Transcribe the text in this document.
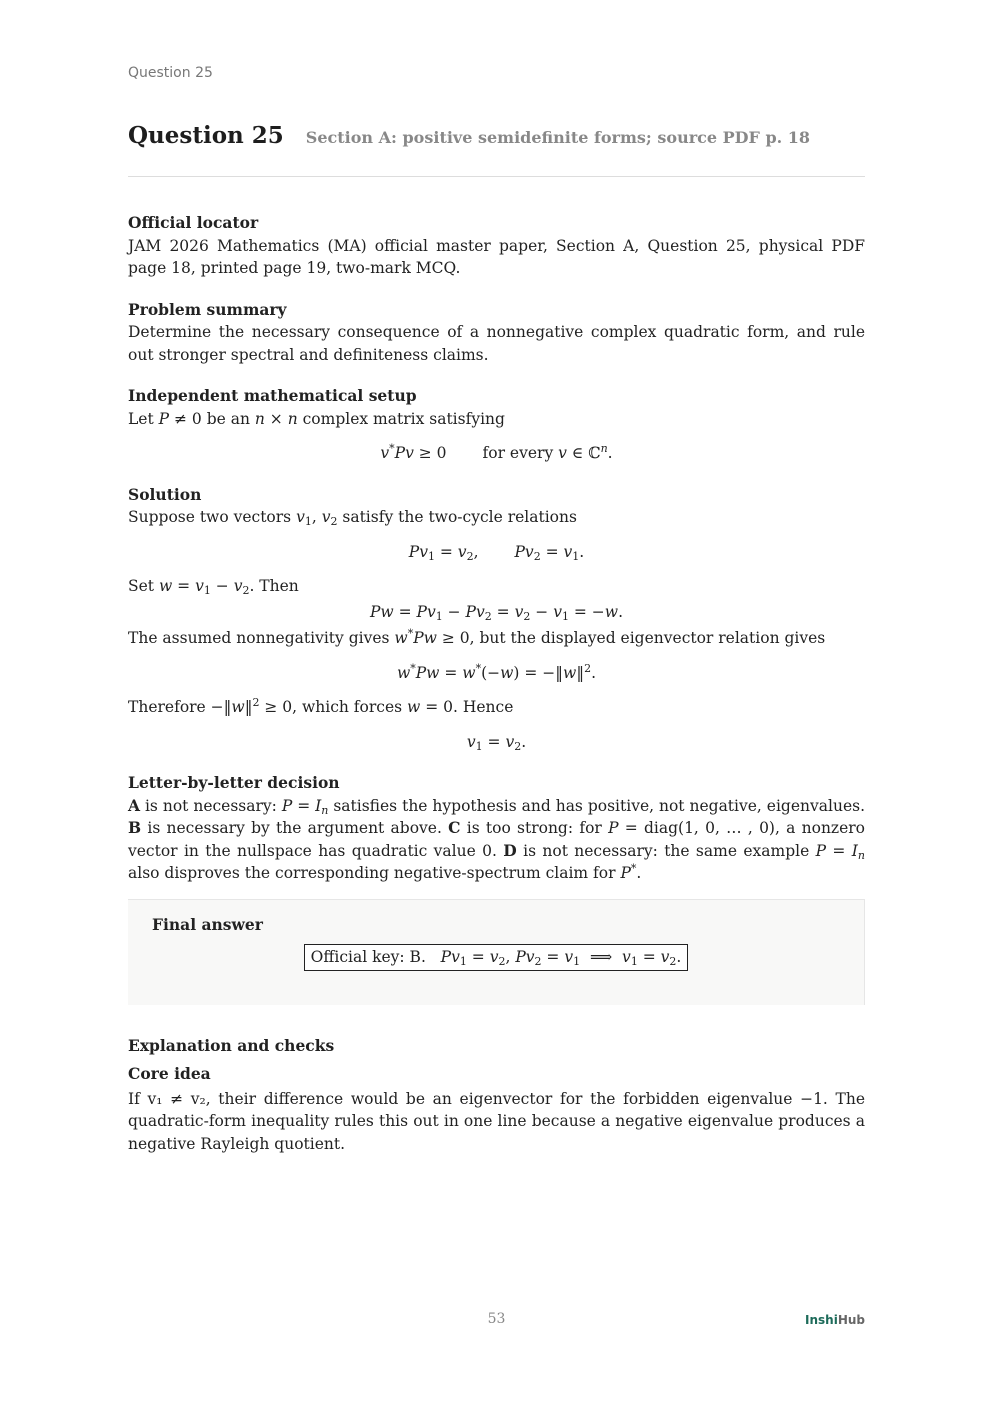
Question 25
Question 25 Section A: positive semidefinite forms; source PDF p. 18

Official locator

JAM 2026 Mathematics (MA) official master paper, Section A, Question 25, physical PDF page 18, printed page 19, two-mark MCQ.

Problem summary

Determine the necessary consequence of a nonnegative complex quadratic form, and rule out stronger spectral and definiteness claims.

Independent mathematical setup

Let P ≠ 0 be an n × n complex matrix satisfying

v*Pv ≥ 0 for every v ∈ ℂ$^n$.

Solution

Suppose two vectors $v_1$, $v_2$ satisfy the two-cycle relations

$Pv_1 = v_2$, $Pv_2 = v_1$.

Set $w = v_1 - v_2$. Then

$Pw = Pv_1 - Pv_2 = v_2 - v_1 = -w$.

The assumed nonnegativity gives w*Pw ≥ 0, but the displayed eigenvector relation gives

w*Pw = w*(−w) = −‖w‖$^2$.

Therefore −‖w‖$^2$ ≥ 0, which forces w = 0. Hence

$v_1 = v_2$.

Letter-by-letter decision

A is not necessary: $P = I_n$ satisfies the hypothesis and has positive, not negative, eigenvalues. B is necessary by the argument above. C is too strong: for P = diag(1, 0, … , 0), a nonzero vector in the nullspace has quadratic value 0. D is not necessary: the same example $P = I_n$ also disproves the corresponding negative-spectrum claim for P*.

Final answer
Official key: B.   $Pv_1 = v_2$, $Pv_2 = v_1$  ⟹  $v_1 = v_2$.

Explanation and checks

Core idea

If v₁ ≠ v₂, their difference would be an eigenvector for the forbidden eigenvalue −1. The quadratic-form inequality rules this out in one line because a negative eigenvalue produces a negative Rayleigh quotient.

53	InshiHub
